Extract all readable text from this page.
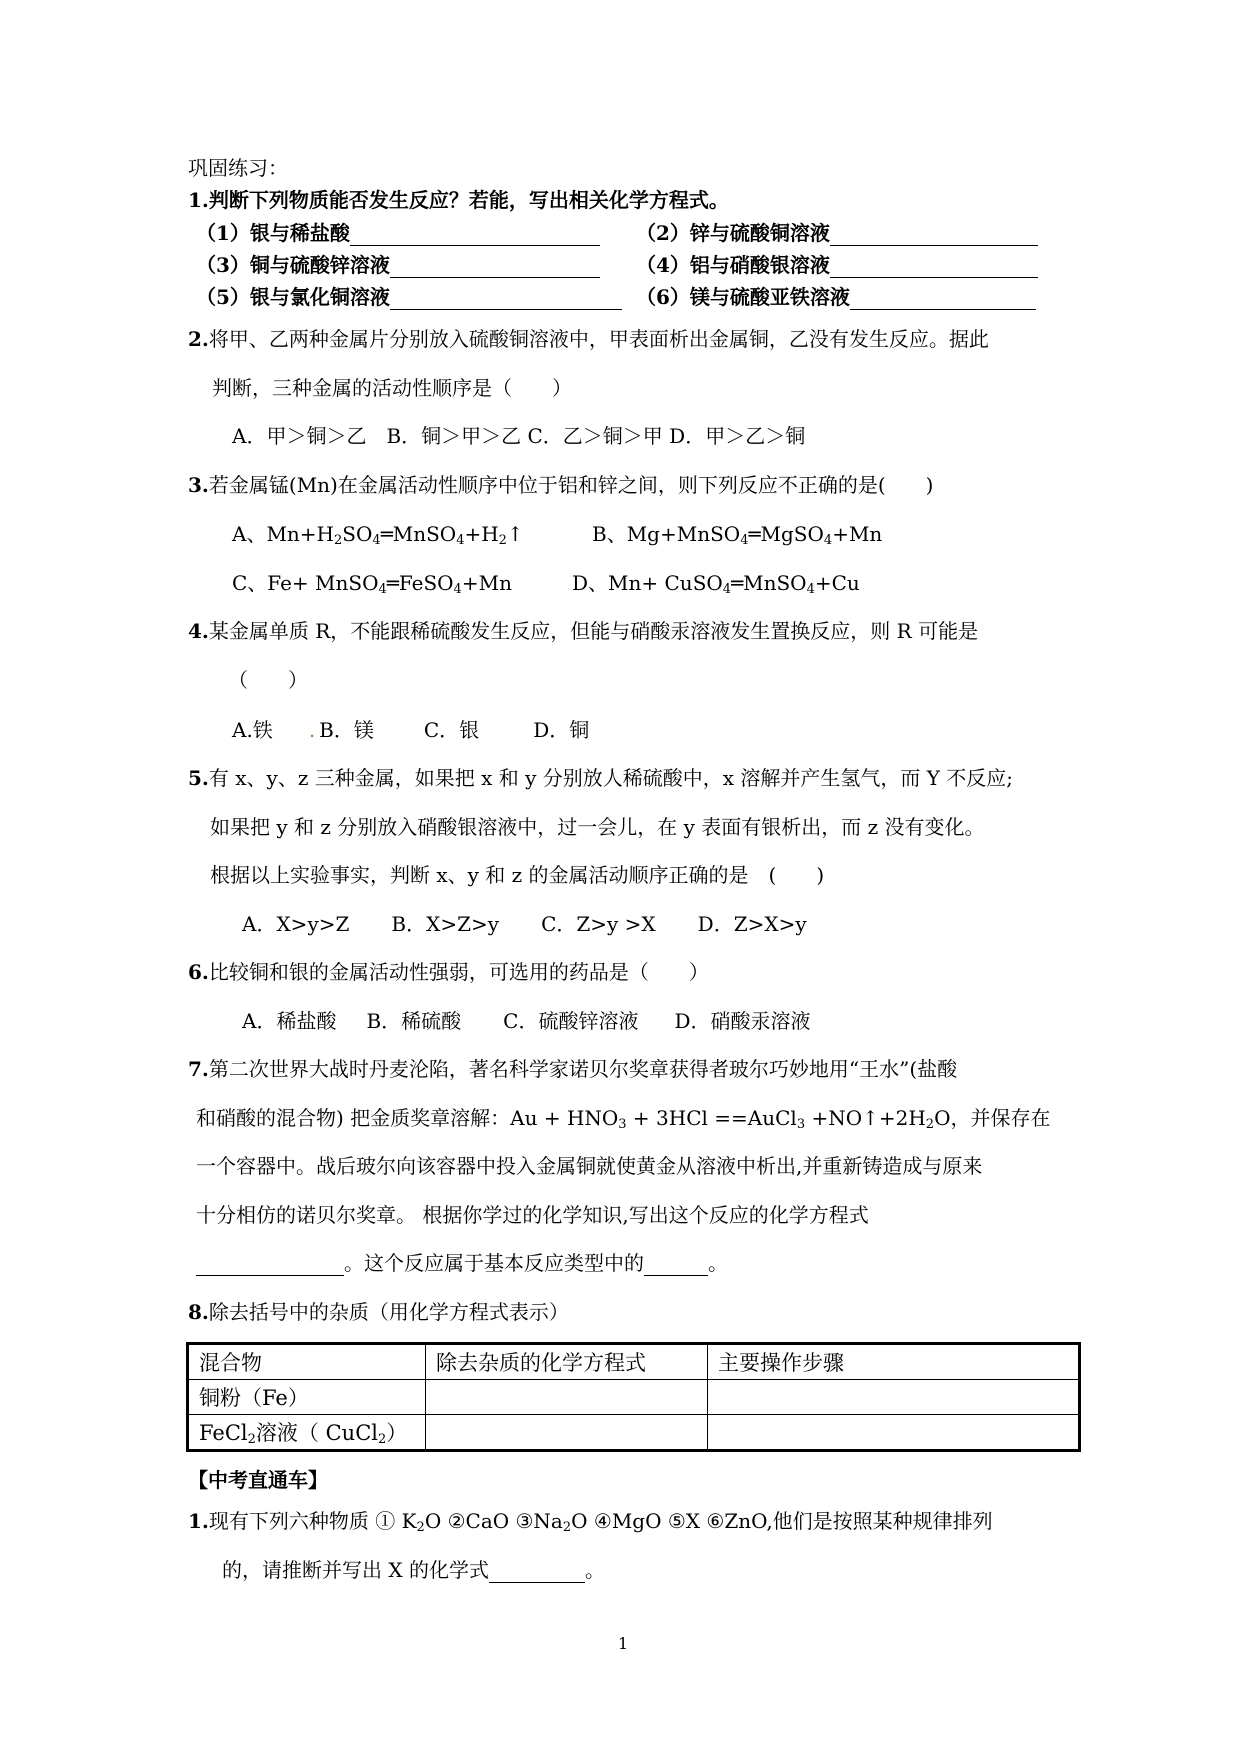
巩固练习：
1.判断下列物质能否发生反应？若能，写出相关化学方程式。
（1）银与稀盐酸	（2）锌与硫酸铜溶液
（3）铜与硫酸锌溶液	（4）铝与硝酸银溶液
（5）银与氯化铜溶液	（6）镁与硫酸亚铁溶液
2.将甲、乙两种金属片分别放入硫酸铜溶液中，甲表面析出金属铜，乙没有发生反应。据此
判断，三种金属的活动性顺序是（　　）
A．甲＞铜＞乙　B．铜＞甲＞乙 C．乙＞铜＞甲 D．甲＞乙＞铜
3.若金属锰(Mn)在金属活动性顺序中位于铝和锌之间，则下列反应不正确的是(　　)
A、$Mn+H_2SO_4═MnSO_4+H_2↑$	B、Mg+MnSO$_4$═MgSO$_4$+Mn
C、Fe+ MnSO$_4$═FeSO$_4$+Mn	D、Mn+ CuSO$_4$═MnSO$_4$+Cu
4.某金属单质 R，不能跟稀硫酸发生反应，但能与硝酸汞溶液发生置换反应，则 R 可能是
（　　）
A.铁 . B．镁	C．银	D．铜
5.有 x、y、z 三种金属，如果把 x 和 y 分别放人稀硫酸中，x 溶解并产生氢气，而 Y 不反应;
如果把 y 和 z 分别放入硝酸银溶液中，过一会儿，在 y 表面有银析出，而 z 没有变化。
根据以上实验事实，判断 x、y 和 z 的金属活动顺序正确的是　(　　)
A．X>y>Z B．X>Z>y C．Z>y >X D．Z>X>y
6.比较铜和银的金属活动性强弱，可选用的药品是（　　）
A．稀盐酸 B．稀硫酸 C．硫酸锌溶液 D．硝酸汞溶液
7.第二次世界大战时丹麦沦陷，著名科学家诺贝尔奖章获得者玻尔巧妙地用“王水”(盐酸
和硝酸的混合物) 把金质奖章溶解：$Au + HNO_3 + 3HCl$ ==AuCl$_3$ $+NO↑+2H_2O$，并保存在
一个容器中。战后玻尔向该容器中投入金属铜就使黄金从溶液中析出,并重新铸造成与原来
十分相仿的诺贝尔奖章。 根据你学过的化学知识,写出这个反应的化学方程式
。这个反应属于基本反应类型中的	。
8.除去括号中的杂质（用化学方程式表示）
混合物	除去杂质的化学方程式	主要操作步骤
铜粉（Fe）		
FeCl$_2$溶液（ CuCl$_2$）		
【中考直通车】
1.现有下列六种物质 ① $K_2O$ ②CaO $③Na_2O$ ④MgO ⑤X ⑥ZnO,他们是按照某种规律排列
的，请推断并写出 X 的化学式	。
1
